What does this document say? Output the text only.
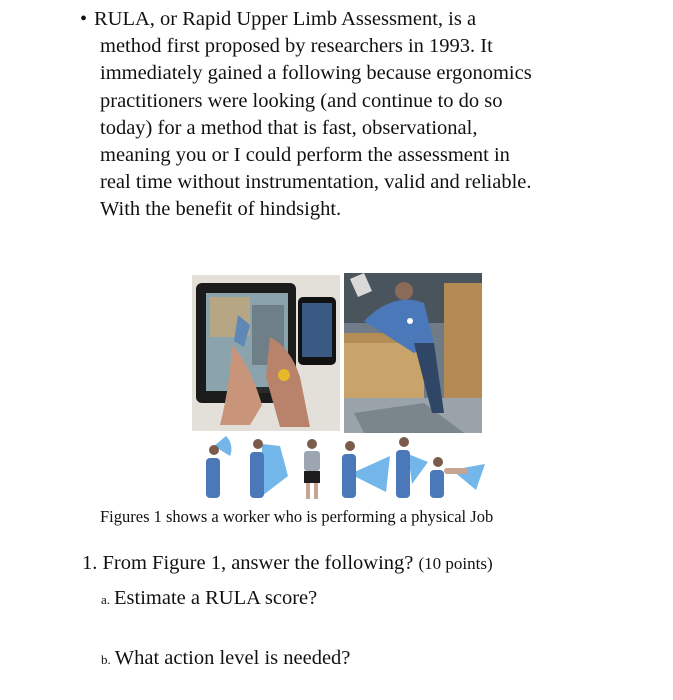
• RULA, or Rapid Upper Limb Assessment, is a
method first proposed by researchers in 1993. It
immediately gained a following because ergonomics
practitioners were looking (and continue to do so
today) for a method that is fast, observational,
meaning you or I could perform the assessment in
real time without instrumentation, valid and reliable.
With the benefit of hindsight.
Figures 1 shows a worker who is performing a physical Job
1. From Figure 1, answer the following? (10 points)
a. Estimate a RULA score?
b. What action level is needed?
